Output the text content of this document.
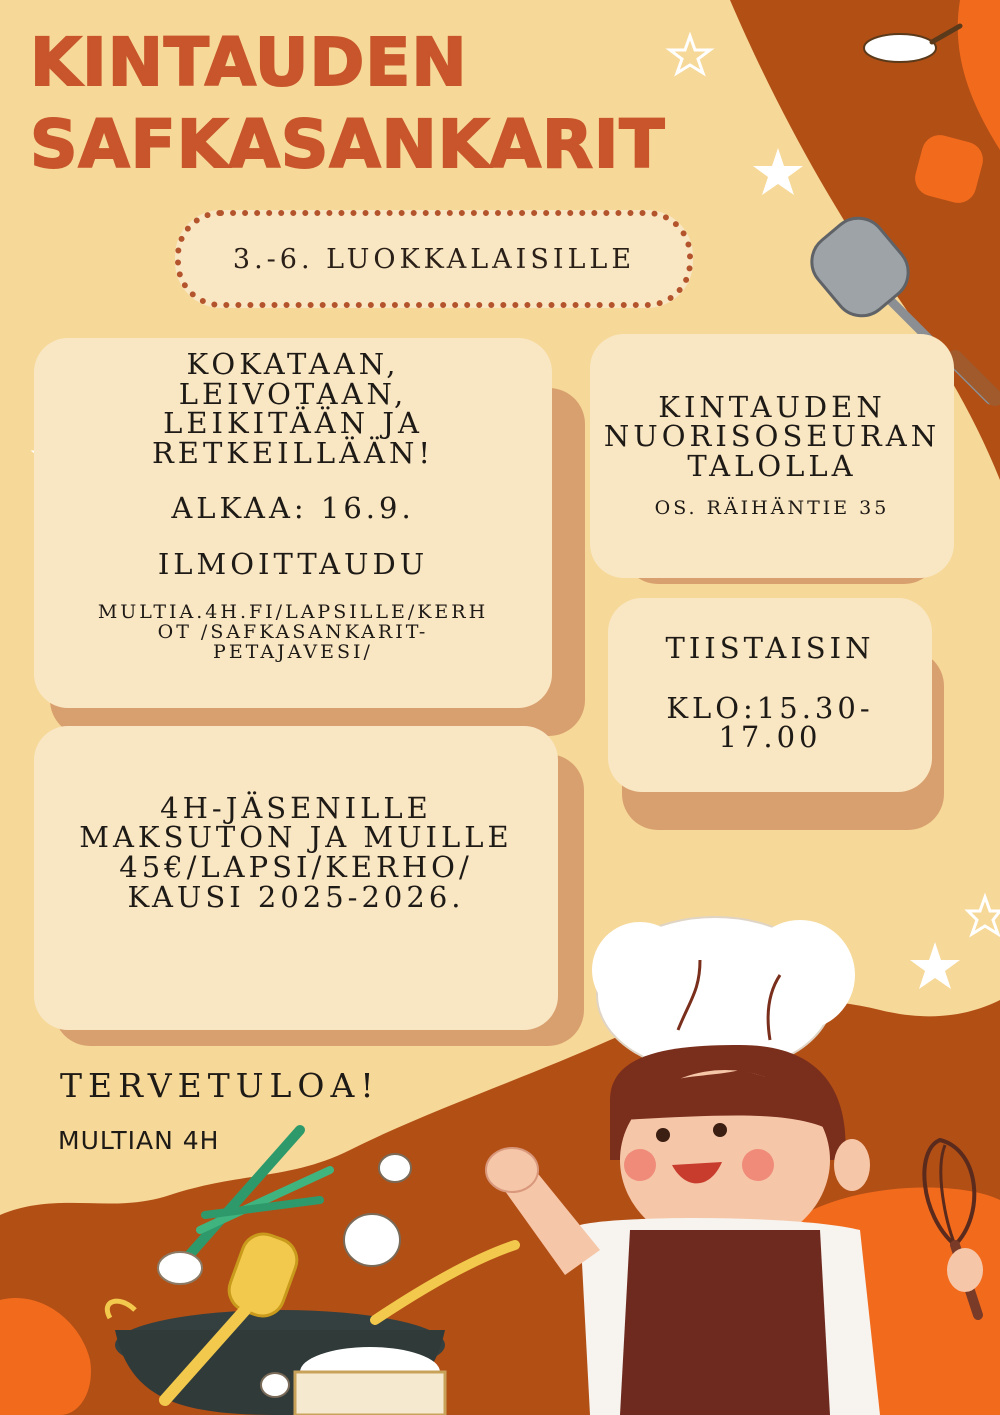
KINTAUDEN
SAFKASANKARIT
3.-6. LUOKKALAISILLE
KOKATAAN,
LEIVOTAAN,
LEIKITÄÄN JA
RETKEILLÄÄN!
ALKAA: 16.9.
ILMOITTAUDU
MULTIA.4H.FI/LAPSILLE/KERH
OT /SAFKASANKARIT-
PETAJAVESI/
KINTAUDEN
NUORISOSEURAN
TALOLLA
OS. RÄIHÄNTIE 35
TIISTAISIN
KLO:15.30-
17.00
4H-JÄSENILLE
MAKSUTON JA MUILLE
45€/LAPSI/KERHO/
KAUSI 2025-2026.
TERVETULOA!
MULTIAN 4H
